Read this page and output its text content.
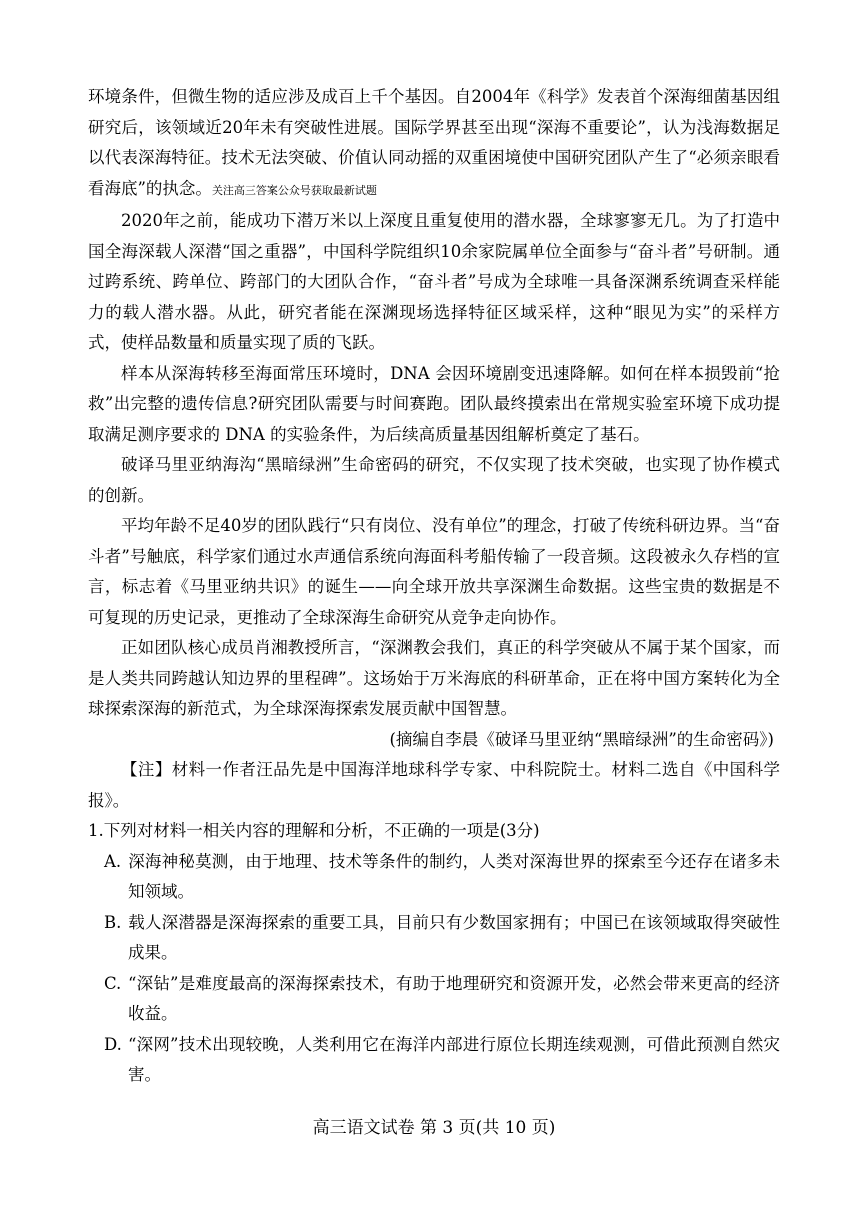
环境条件，但微生物的适应涉及成百上千个基因。自2004年《科学》发表首个深海细菌基因组研究后，该领域近20年未有突破性进展。国际学界甚至出现“深海不重要论”，认为浅海数据足以代表深海特征。技术无法突破、价值认同动摇的双重困境使中国研究团队产生了“必须亲眼看看海底”的执念。关注高三答案公众号获取最新试题

2020年之前，能成功下潜万米以上深度且重复使用的潜水器，全球寥寥无几。为了打造中国全海深载人深潜“国之重器”，中国科学院组织10余家院属单位全面参与“奋斗者”号研制。通过跨系统、跨单位、跨部门的大团队合作，“奋斗者”号成为全球唯一具备深渊系统调查采样能力的载人潜水器。从此，研究者能在深渊现场选择特征区域采样，这种“眼见为实”的采样方式，使样品数量和质量实现了质的飞跃。

样本从深海转移至海面常压环境时，DNA 会因环境剧变迅速降解。如何在样本损毁前“抢救”出完整的遗传信息?研究团队需要与时间赛跑。团队最终摸索出在常规实验室环境下成功提取满足测序要求的 DNA 的实验条件，为后续高质量基因组解析奠定了基石。

破译马里亚纳海沟“黑暗绿洲”生命密码的研究，不仅实现了技术突破，也实现了协作模式的创新。

平均年龄不足40岁的团队践行“只有岗位、没有单位”的理念，打破了传统科研边界。当“奋斗者”号触底，科学家们通过水声通信系统向海面科考船传输了一段音频。这段被永久存档的宣言，标志着《马里亚纳共识》的诞生——向全球开放共享深渊生命数据。这些宝贵的数据是不可复现的历史记录，更推动了全球深海生命研究从竞争走向协作。

正如团队核心成员肖湘教授所言，“深渊教会我们，真正的科学突破从不属于某个国家，而是人类共同跨越认知边界的里程碑”。这场始于万米海底的科研革命，正在将中国方案转化为全球探索深海的新范式，为全球深海探索发展贡献中国智慧。

(摘编自李晨《破译马里亚纳“黑暗绿洲”的生命密码》)

【注】材料一作者汪品先是中国海洋地球科学专家、中科院院士。材料二选自《中国科学报》。

1.下列对材料一相关内容的理解和分析，不正确的一项是(3分)

A. 深海神秘莫测，由于地理、技术等条件的制约，人类对深海世界的探索至今还存在诸多未知领域。

B. 载人深潜器是深海探索的重要工具，目前只有少数国家拥有；中国已在该领域取得突破性成果。

C. “深钻”是难度最高的深海探索技术，有助于地理研究和资源开发，必然会带来更高的经济收益。

D. “深网”技术出现较晚，人类利用它在海洋内部进行原位长期连续观测，可借此预测自然灾害。

高三语文试卷 第 3 页(共 10 页)
